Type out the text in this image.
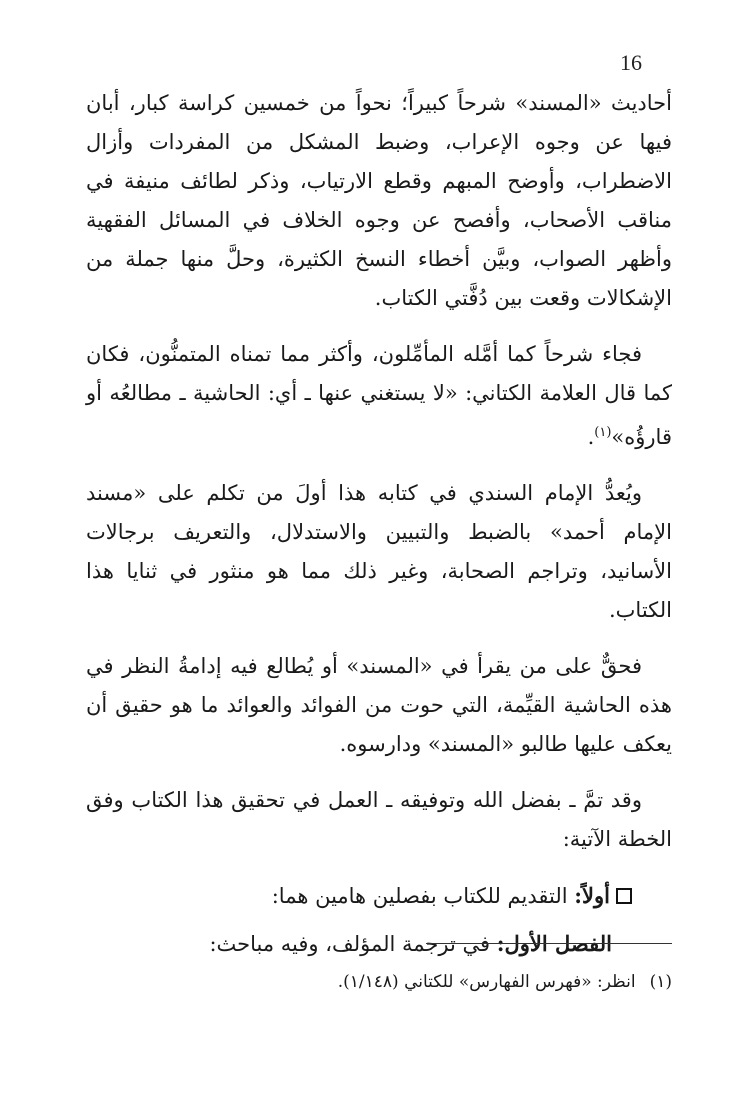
16

أحاديث «المسند» شرحاً كبيراً؛ نحواً من خمسين كراسة كبار، أبان فيها عن وجوه الإعراب، وضبط المشكل من المفردات وأزال الاضطراب، وأوضح المبهم وقطع الارتياب، وذكر لطائف منيفة في مناقب الأصحاب، وأفصح عن وجوه الخلاف في المسائل الفقهية وأظهر الصواب، وبيَّن أخطاء النسخ الكثيرة، وحلَّ منها جملة من الإشكالات وقعت بين دُفَّتي الكتاب.

فجاء شرحاً كما أمَّله المأمِّلون، وأكثر مما تمناه المتمنُّون، فكان كما قال العلامة الكتاني: «لا يستغني عنها ـ أي: الحاشية ـ مطالعُه أو قارؤُه»$^{(١)}$.

ويُعدُّ الإمام السندي في كتابه هذا أولَ من تكلم على «مسند الإمام أحمد» بالضبط والتبيين والاستدلال، والتعريف برجالات الأسانيد، وتراجم الصحابة، وغير ذلك مما هو منثور في ثنايا هذا الكتاب.

فحقٌّ على من يقرأ في «المسند» أو يُطالع فيه إدامةُ النظر في هذه الحاشية القيِّمة، التي حوت من الفوائد والعوائد ما هو حقيق أن يعكف عليها طالبو «المسند» ودارسوه.

وقد تمَّ ـ بفضل الله وتوفيقه ـ العمل في تحقيق هذا الكتاب وفق الخطة الآتية:

أولاً: التقديم للكتاب بفصلين هامين هما:

الفصل الأول: في ترجمة المؤلف، وفيه مباحث:

(١)انظر: «فهرس الفهارس» للكتاني (١/١٤٨).
